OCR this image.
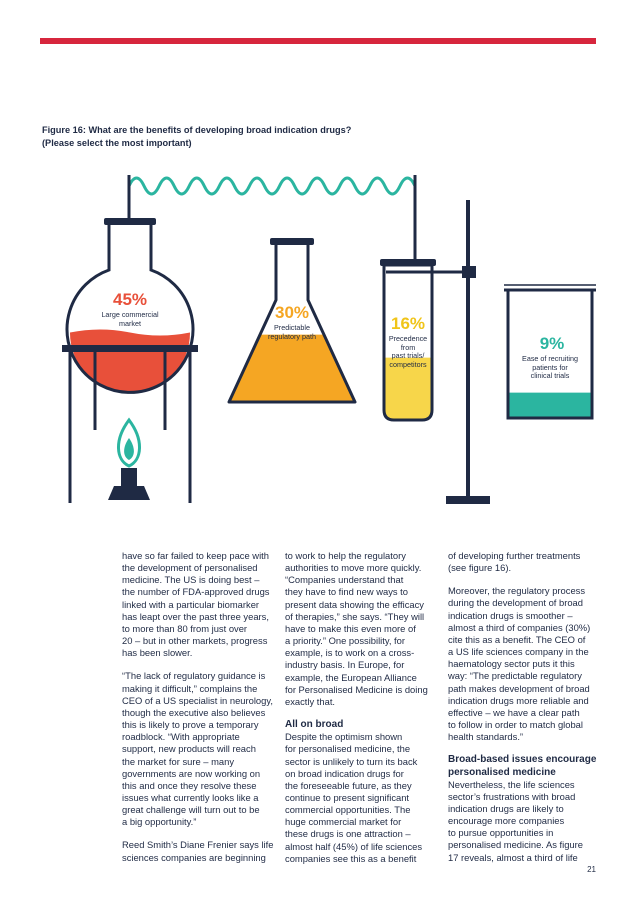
Figure 16: What are the benefits of developing broad indication drugs?
(Please select the most important)
45%
Large commercial
market
30%
Predictable
regulatory path
16%
Precedence
from
past trials/
competitors
9%
Ease of recruiting
patients for
clinical trials

have so far failed to keep pace with
the development of personalised
medicine. The US is doing best –
the number of FDA-approved drugs
linked with a particular biomarker
has leapt over the past three years,
to more than 80 from just over
20 – but in other markets, progress
has been slower.

“The lack of regulatory guidance is
making it difficult,” complains the
CEO of a US specialist in neurology,
though the executive also believes
this is likely to prove a temporary
roadblock. “With appropriate
support, new products will reach
the market for sure – many
governments are now working on
this and once they resolve these
issues what currently looks like a
great challenge will turn out to be
a big opportunity.”

Reed Smith’s Diane Frenier says life
sciences companies are beginning

to work to help the regulatory
authorities to move more quickly.
“Companies understand that
they have to find new ways to
present data showing the efficacy
of therapies,” she says. “They will
have to make this even more of
a priority.” One possibility, for
example, is to work on a cross-
industry basis. In Europe, for
example, the European Alliance
for Personalised Medicine is doing
exactly that.

All on broad

Despite the optimism shown
for personalised medicine, the
sector is unlikely to turn its back
on broad indication drugs for
the foreseeable future, as they
continue to present significant
commercial opportunities. The
huge commercial market for
these drugs is one attraction –
almost half (45%) of life sciences
companies see this as a benefit

of developing further treatments
(see figure 16).

Moreover, the regulatory process
during the development of broad
indication drugs is smoother –
almost a third of companies (30%)
cite this as a benefit. The CEO of
a US life sciences company in the
haematology sector puts it this
way: “The predictable regulatory
path makes development of broad
indication drugs more reliable and
effective – we have a clear path
to follow in order to match global
health standards.”

Broad-based issues encourage
personalised medicine

Nevertheless, the life sciences
sector’s frustrations with broad
indication drugs are likely to
encourage more companies
to pursue opportunities in
personalised medicine. As figure
17 reveals, almost a third of life

21
